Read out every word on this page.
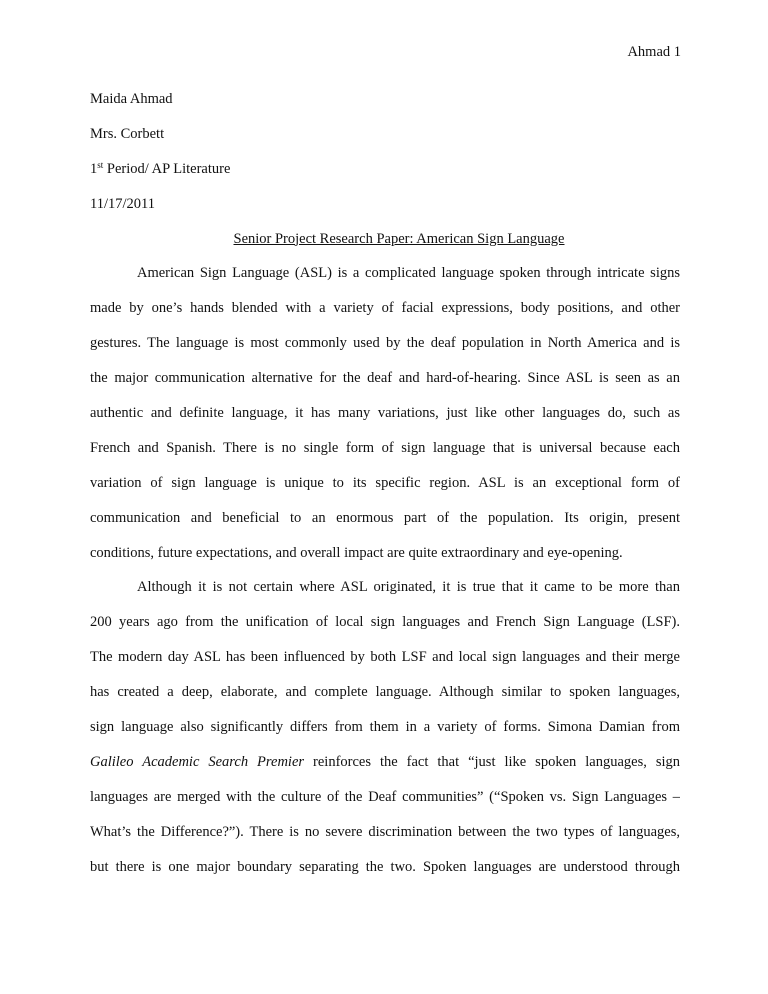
Ahmad 1
Maida Ahmad
Mrs. Corbett
1st Period/ AP Literature
11/17/2011
Senior Project Research Paper: American Sign Language
American Sign Language (ASL) is a complicated language spoken through intricate signs
made by one’s hands blended with a variety of facial expressions, body positions, and other
gestures. The language is most commonly used by the deaf population in North America and is
the major communication alternative for the deaf and hard-of-hearing. Since ASL is seen as an
authentic and definite language, it has many variations, just like other languages do, such as
French and Spanish. There is no single form of sign language that is universal because each
variation of sign language is unique to its specific region. ASL is an exceptional form of
communication and beneficial to an enormous part of the population. Its origin, present
conditions, future expectations, and overall impact are quite extraordinary and eye-opening.
Although it is not certain where ASL originated, it is true that it came to be more than
200 years ago from the unification of local sign languages and French Sign Language (LSF).
The modern day ASL has been influenced by both LSF and local sign languages and their merge
has created a deep, elaborate, and complete language. Although similar to spoken languages,
sign language also significantly differs from them in a variety of forms. Simona Damian from
Galileo Academic Search Premier reinforces the fact that “just like spoken languages, sign
languages are merged with the culture of the Deaf communities” (“Spoken vs. Sign Languages –
What’s the Difference?”). There is no severe discrimination between the two types of languages,
but there is one major boundary separating the two. Spoken languages are understood through
